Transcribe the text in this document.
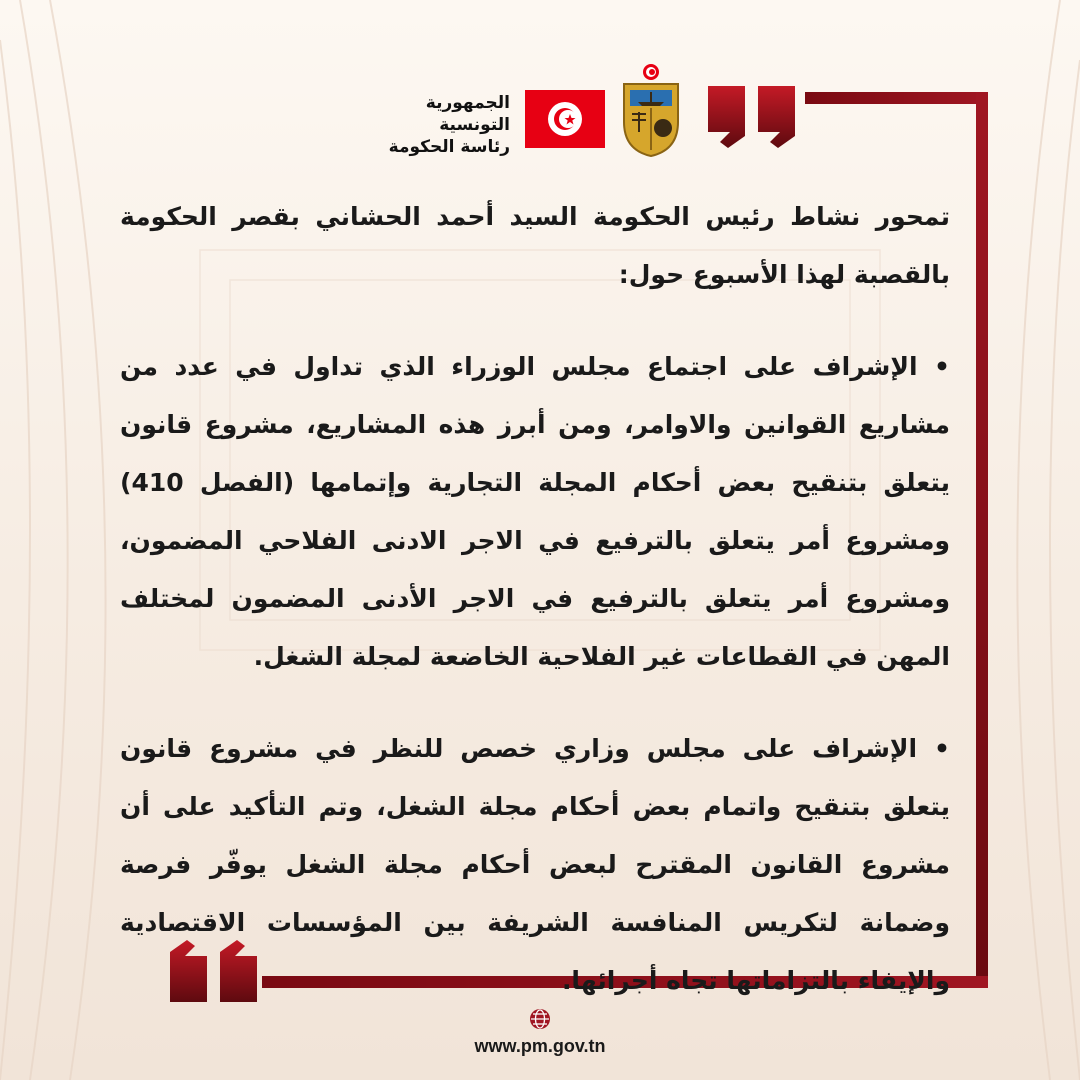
الجمهورية التونسية
رئاسة الحكومة

تمحور نشاط رئيس الحكومة السيد أحمد الحشاني بقصر الحكومة بالقصبة لهذا الأسبوع حول:

• الإشراف على اجتماع مجلس الوزراء الذي تداول في عدد من مشاريع القوانين والاوامر، ومن أبرز هذه المشاريع، مشروع قانون يتعلق بتنقيح بعض أحكام المجلة التجارية وإتمامها (الفصل 410) ومشروع أمر يتعلق بالترفيع في الاجر الادنى الفلاحي المضمون، ومشروع أمر يتعلق بالترفيع في الاجر الأدنى المضمون لمختلف المهن في القطاعات غير الفلاحية الخاضعة لمجلة الشغل.

• الإشراف على مجلس وزاري خصص للنظر في مشروع قانون يتعلق بتنقيح واتمام بعض أحكام مجلة الشغل، وتم التأكيد على أن مشروع القانون المقترح لبعض أحكام مجلة الشغل يوفّر فرصة وضمانة لتكريس المنافسة الشريفة بين المؤسسات الاقتصادية والإيفاء بالتزاماتها تجاه أجرائها.

www.pm.gov.tn
